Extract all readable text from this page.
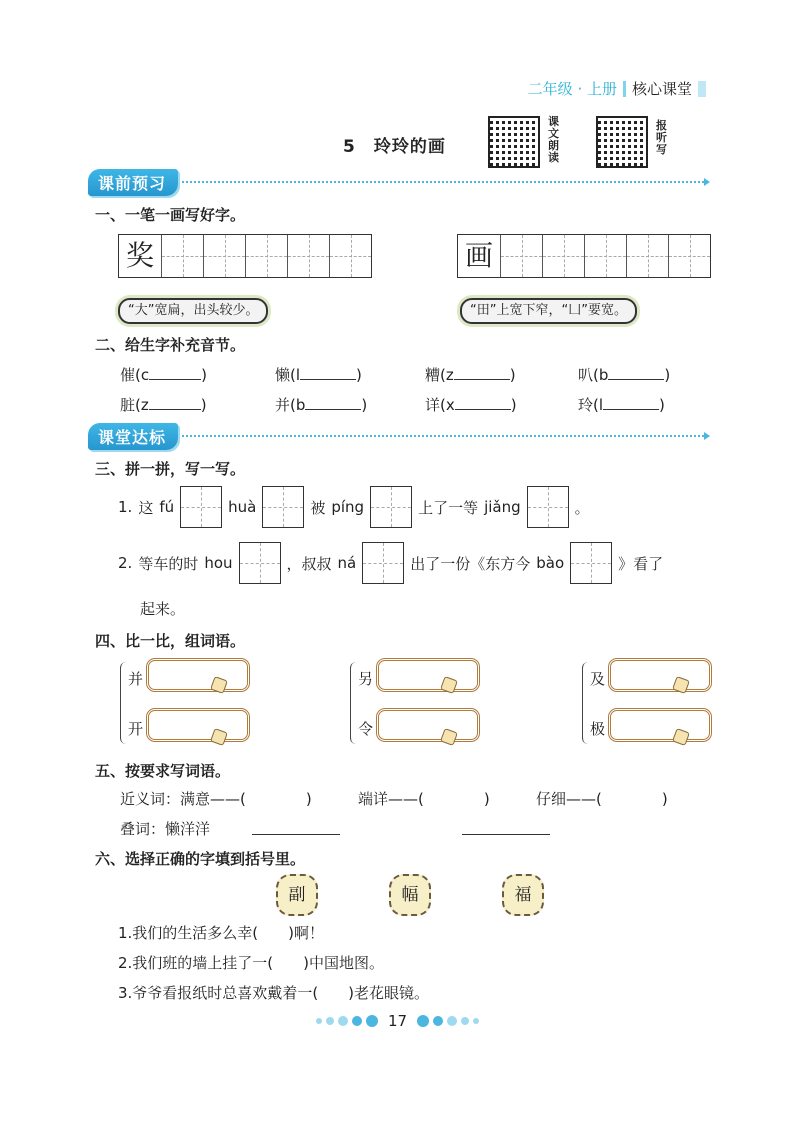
二年级 · 上册 核心课堂
5　玲玲的画
课文朗读
报听写
课前预习
一、一笔一画写好字。
奖	画
“大”宽扁，出头较少。	“田”上宽下窄，“凵”要宽。
二、给生字补充音节。
催(c	)	懒(l	)	糟(z	)	叭(b	)
脏(z	)	并(b	)	详(x	)	玲(l	)
课堂达标
三、拼一拼，写一写。
1. 这 fú	huà	被 píng	上了一等 jiǎng	。
2. 等车的时 hou	，叔叔 ná	出了一份《东方今 bào	》看了
起来。
四、比一比，组词语。
并
开
另
令
及
极
五、按要求写词语。
近义词：满意——(	)	端详——(	)	仔细——(	)
叠词：懒洋洋
六、选择正确的字填到括号里。
副	幅	福
1.我们的生活多么幸(　　)啊！
2.我们班的墙上挂了一(　　)中国地图。
3.爷爷看报纸时总喜欢戴着一(　　)老花眼镜。
17
